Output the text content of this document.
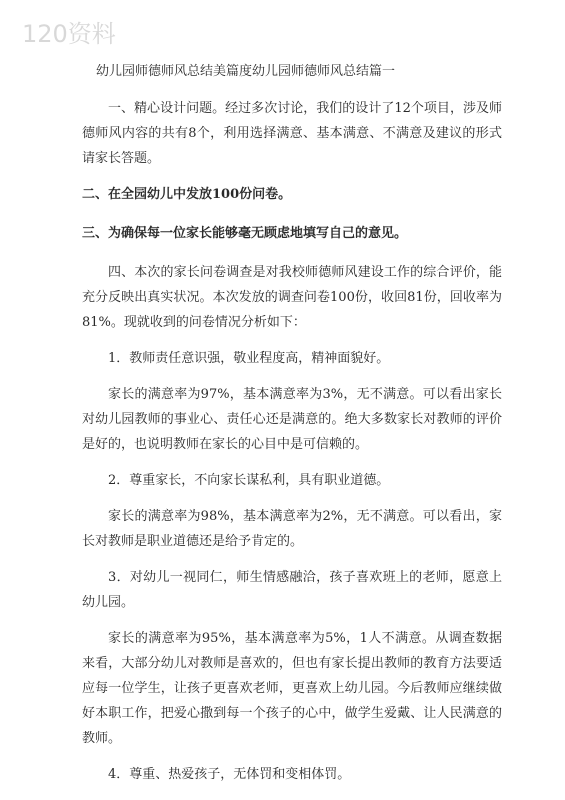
120资料
幼儿园师德师风总结美篇度幼儿园师德师风总结篇一

一、精心设计问题。经过多次讨论，我们的设计了12个项目，涉及师德师风内容的共有8个，利用选择满意、基本满意、不满意及建议的形式请家长答题。

二、在全园幼儿中发放100份问卷。

三、为确保每一位家长能够毫无顾虑地填写自己的意见。

四、本次的家长问卷调查是对我校师德师风建设工作的综合评价，能充分反映出真实状况。本次发放的调查问卷100份，收回81份，回收率为81%。现就收到的问卷情况分析如下：

1．教师责任意识强，敬业程度高，精神面貌好。

家长的满意率为97%，基本满意率为3%，无不满意。可以看出家长对幼儿园教师的事业心、责任心还是满意的。绝大多数家长对教师的评价是好的，也说明教师在家长的心目中是可信赖的。

2．尊重家长，不向家长谋私利，具有职业道德。

家长的满意率为98%，基本满意率为2%，无不满意。可以看出，家长对教师是职业道德还是给予肯定的。

3．对幼儿一视同仁，师生情感融洽，孩子喜欢班上的老师，愿意上幼儿园。

家长的满意率为95%，基本满意率为5%，1人不满意。从调查数据来看，大部分幼儿对教师是喜欢的，但也有家长提出教师的教育方法要适应每一位学生，让孩子更喜欢老师，更喜欢上幼儿园。今后教师应继续做好本职工作，把爱心撒到每一个孩子的心中，做学生爱戴、让人民满意的教师。

4．尊重、热爱孩子，无体罚和变相体罚。
